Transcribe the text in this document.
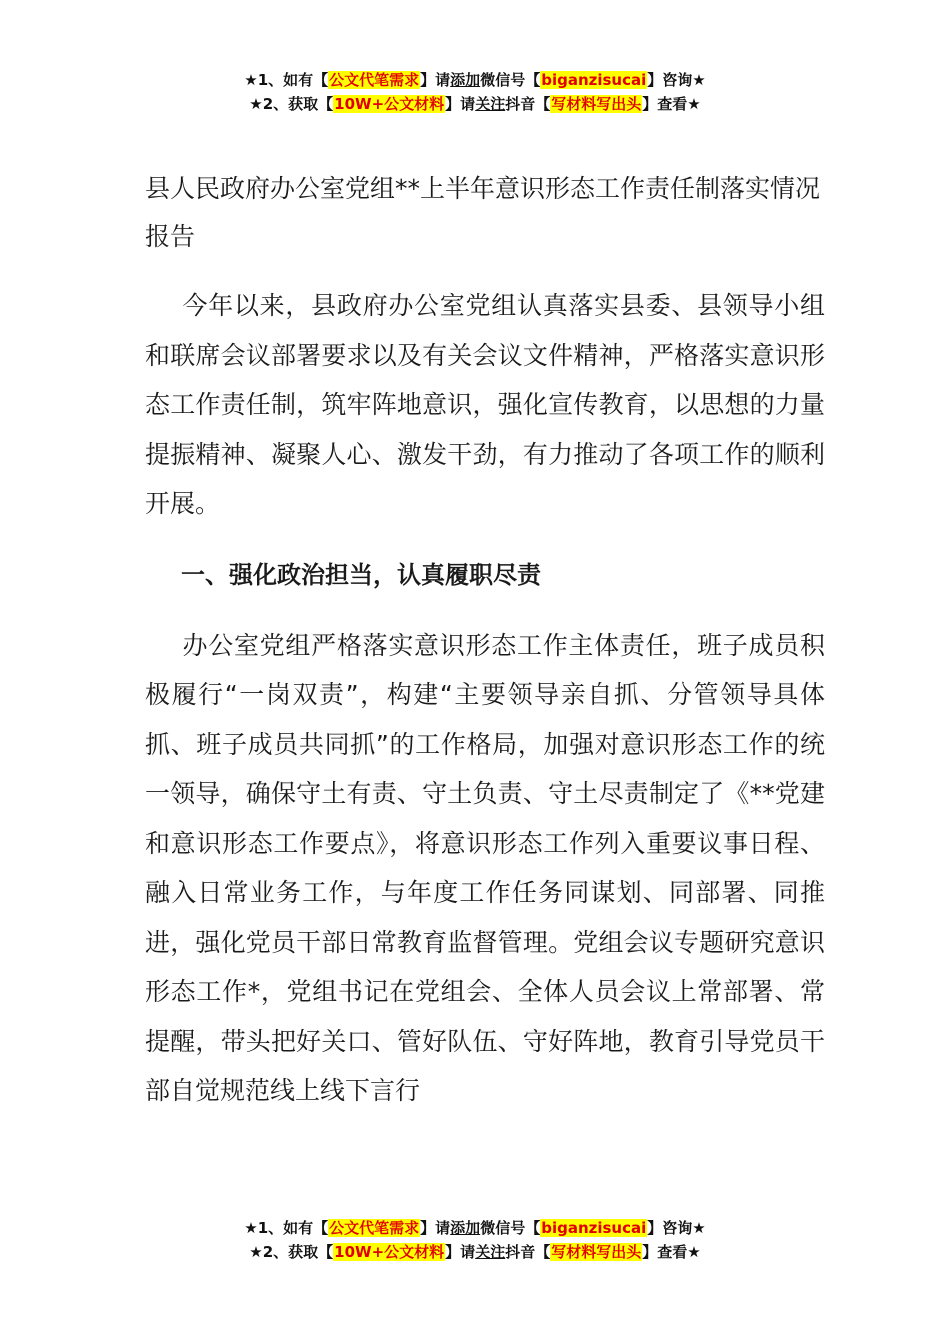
★1、如有【公文代笔需求】请添加微信号【biganzisucai】咨询★
★2、获取【10W+公文材料】请关注抖音【写材料写出头】查看★
县人民政府办公室党组**上半年意识形态工作责任制落实情况报告

今年以来，县政府办公室党组认真落实县委、县领导小组和联席会议部署要求以及有关会议文件精神，严格落实意识形态工作责任制，筑牢阵地意识，强化宣传教育，以思想的力量提振精神、凝聚人心、激发干劲，有力推动了各项工作的顺利开展。

一、强化政治担当，认真履职尽责

办公室党组严格落实意识形态工作主体责任，班子成员积极履行“一岗双责”，构建“主要领导亲自抓、分管领导具体抓、班子成员共同抓”的工作格局，加强对意识形态工作的统一领导，确保守土有责、守土负责、守土尽责制定了《**党建和意识形态工作要点》，将意识形态工作列入重要议事日程、融入日常业务工作，与年度工作任务同谋划、同部署、同推进，强化党员干部日常教育监督管理。党组会议专题研究意识形态工作*，党组书记在党组会、全体人员会议上常部署、常提醒，带头把好关口、管好队伍、守好阵地，教育引导党员干部自觉规范线上线下言行

★1、如有【公文代笔需求】请添加微信号【biganzisucai】咨询★
★2、获取【10W+公文材料】请关注抖音【写材料写出头】查看★
